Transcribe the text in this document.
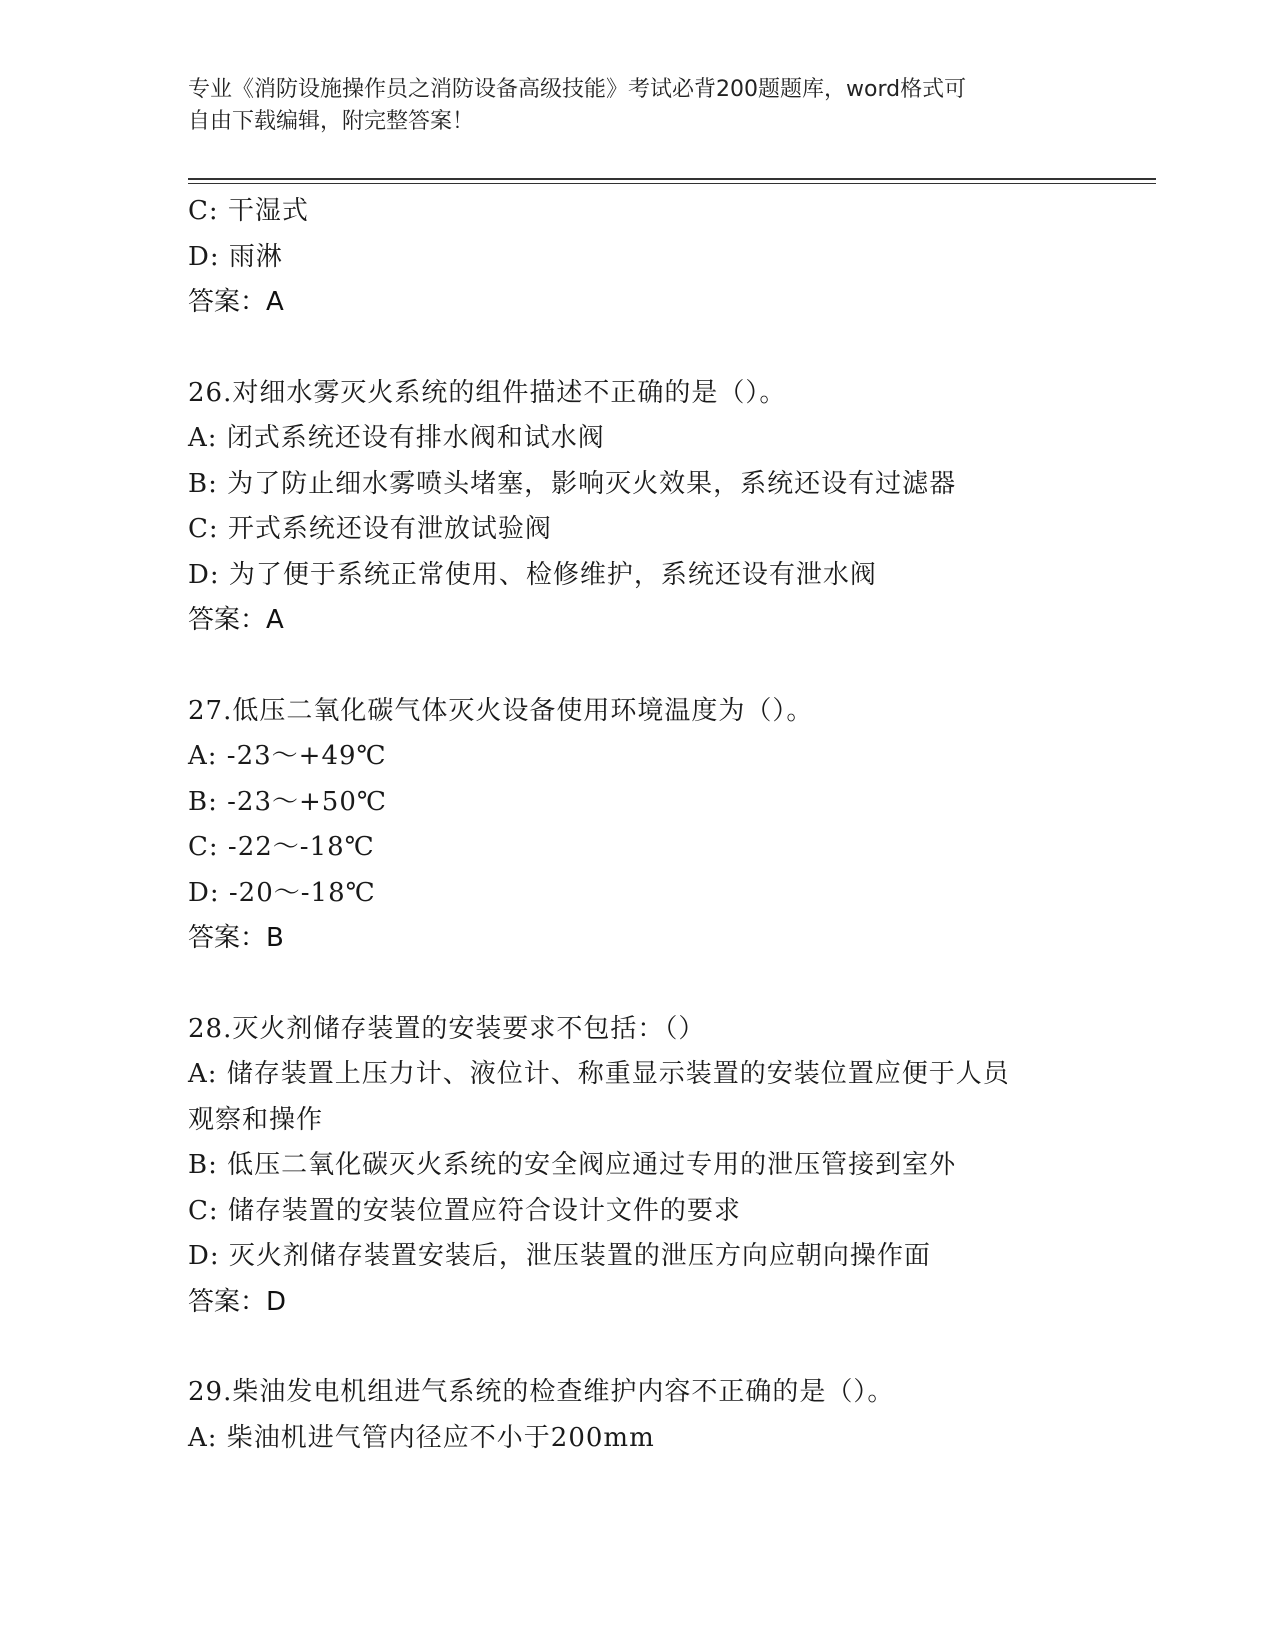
专业《消防设施操作员之消防设备高级技能》考试必背200题题库，word格式可
自由下载编辑，附完整答案！
C: 干湿式
D: 雨淋
答案：A
26.对细水雾灭火系统的组件描述不正确的是（）。
A: 闭式系统还设有排水阀和试水阀
B: 为了防止细水雾喷头堵塞，影响灭火效果，系统还设有过滤器
C: 开式系统还设有泄放试验阀
D: 为了便于系统正常使用、检修维护，系统还设有泄水阀
答案：A
27.低压二氧化碳气体灭火设备使用环境温度为（）。
A: -23～+49℃
B: -23～+50℃
C: -22～-18℃
D: -20～-18℃
答案：B
28.灭火剂储存装置的安装要求不包括：（）
A: 储存装置上压力计、液位计、称重显示装置的安装位置应便于人员
观察和操作
B: 低压二氧化碳灭火系统的安全阀应通过专用的泄压管接到室外
C: 储存装置的安装位置应符合设计文件的要求
D: 灭火剂储存装置安装后，泄压装置的泄压方向应朝向操作面
答案：D
29.柴油发电机组进气系统的检查维护内容不正确的是（）。
A: 柴油机进气管内径应不小于200mm
